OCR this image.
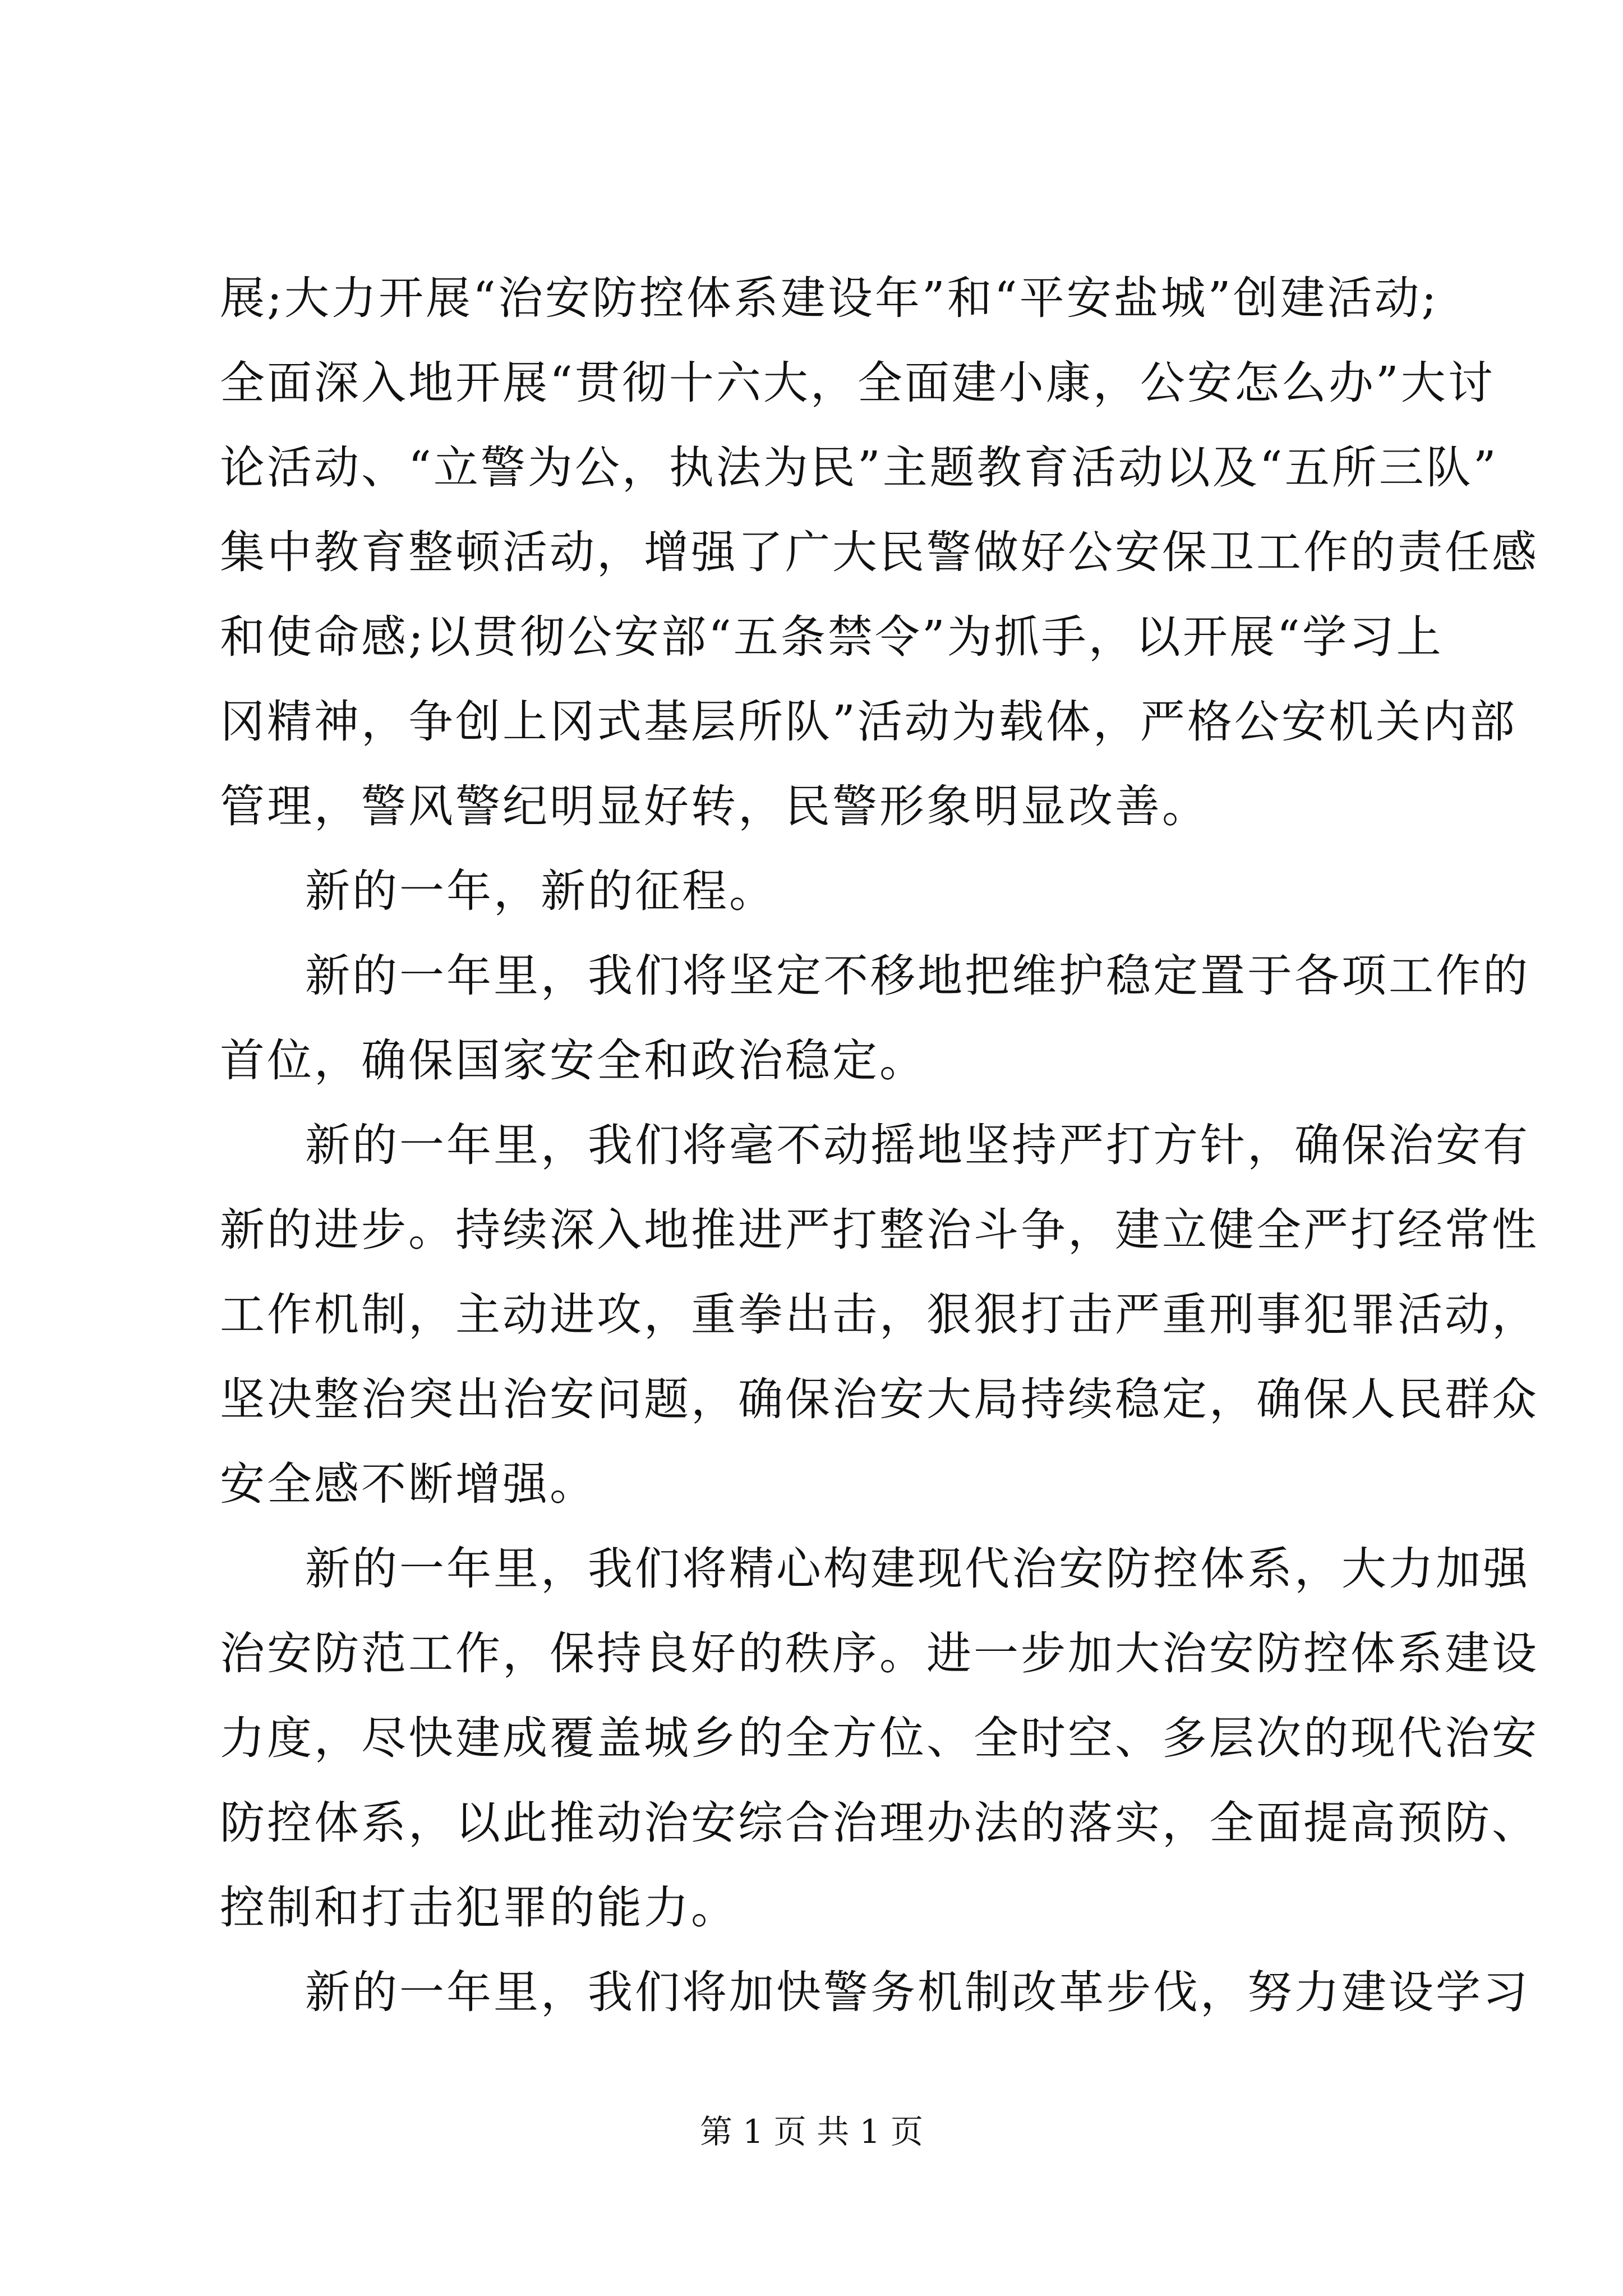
展;大力开展“治安防控体系建设年”和“平安盐城”创建活动;
全面深入地开展“贯彻十六大，全面建小康，公安怎么办”大讨
论活动、“立警为公，执法为民”主题教育活动以及“五所三队”
集中教育整顿活动，增强了广大民警做好公安保卫工作的责任感
和使命感;以贯彻公安部“五条禁令”为抓手，以开展“学习上
冈精神，争创上冈式基层所队”活动为载体，严格公安机关内部
管理，警风警纪明显好转，民警形象明显改善。
新的一年，新的征程。
新的一年里，我们将坚定不移地把维护稳定置于各项工作的
首位，确保国家安全和政治稳定。
新的一年里，我们将毫不动摇地坚持严打方针，确保治安有
新的进步。持续深入地推进严打整治斗争，建立健全严打经常性
工作机制，主动进攻，重拳出击，狠狠打击严重刑事犯罪活动，
坚决整治突出治安问题，确保治安大局持续稳定，确保人民群众
安全感不断增强。
新的一年里，我们将精心构建现代治安防控体系，大力加强
治安防范工作，保持良好的秩序。进一步加大治安防控体系建设
力度，尽快建成覆盖城乡的全方位、全时空、多层次的现代治安
防控体系，以此推动治安综合治理办法的落实，全面提高预防、
控制和打击犯罪的能力。
新的一年里，我们将加快警务机制改革步伐，努力建设学习
第 1 页 共 1 页
